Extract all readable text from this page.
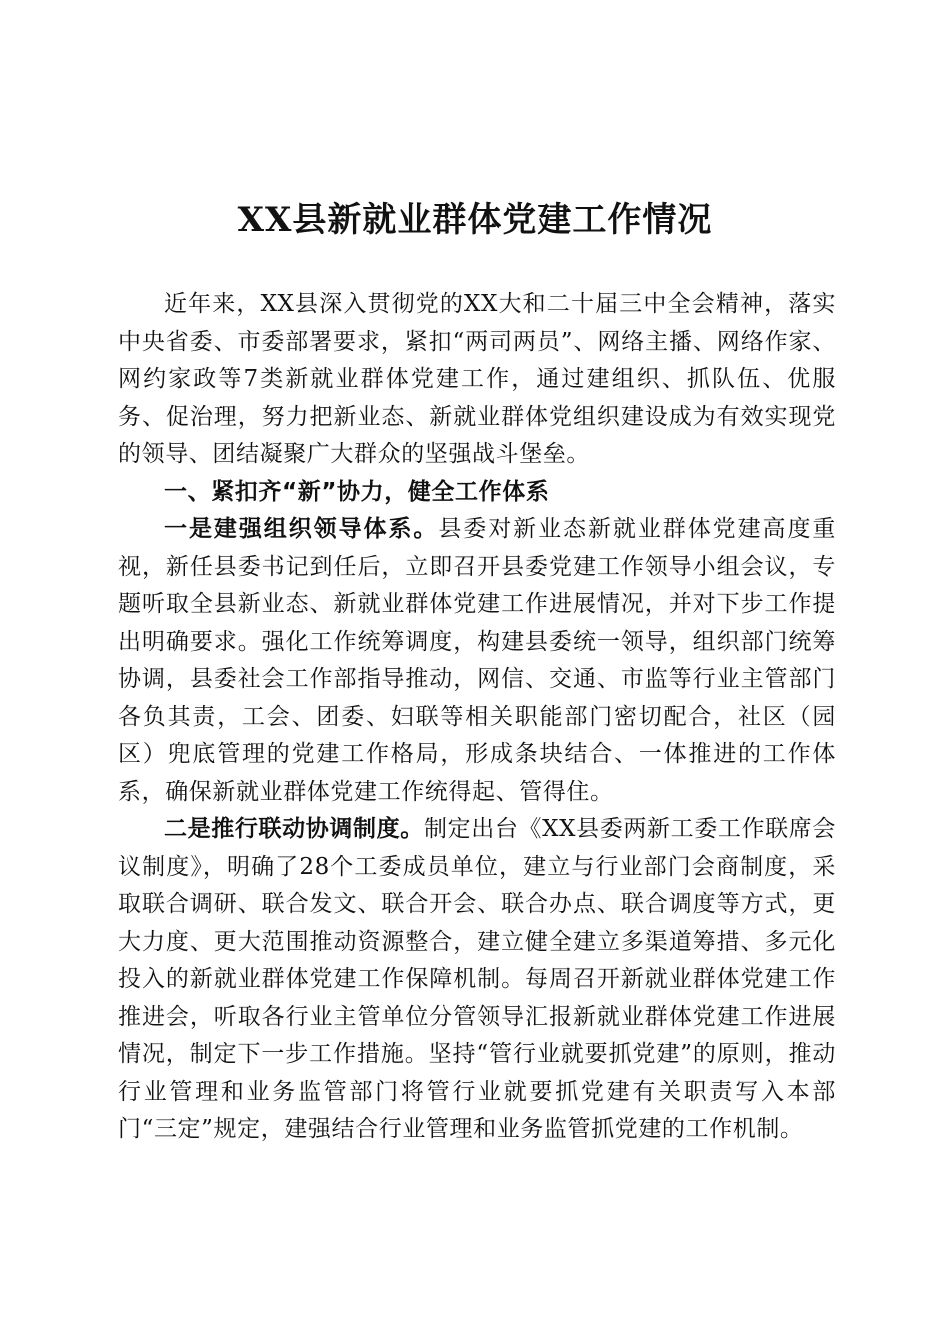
XX县新就业群体党建工作情况

近年来，XX县深入贯彻党的XX大和二十届三中全会精神，落实中央省委、市委部署要求，紧扣“两司两员”、网络主播、网络作家、网约家政等7类新就业群体党建工作，通过建组织、抓队伍、优服务、促治理，努力把新业态、新就业群体党组织建设成为有效实现党的领导、团结凝聚广大群众的坚强战斗堡垒。

一、紧扣齐“新”协力，健全工作体系

一是建强组织领导体系。县委对新业态新就业群体党建高度重视，新任县委书记到任后，立即召开县委党建工作领导小组会议，专题听取全县新业态、新就业群体党建工作进展情况，并对下步工作提出明确要求。强化工作统筹调度，构建县委统一领导，组织部门统筹协调，县委社会工作部指导推动，网信、交通、市监等行业主管部门各负其责，工会、团委、妇联等相关职能部门密切配合，社区（园区）兜底管理的党建工作格局，形成条块结合、一体推进的工作体系，确保新就业群体党建工作统得起、管得住。

二是推行联动协调制度。制定出台《XX县委两新工委工作联席会议制度》，明确了28个工委成员单位，建立与行业部门会商制度，采取联合调研、联合发文、联合开会、联合办点、联合调度等方式，更大力度、更大范围推动资源整合，建立健全建立多渠道筹措、多元化投入的新就业群体党建工作保障机制。每周召开新就业群体党建工作推进会，听取各行业主管单位分管领导汇报新就业群体党建工作进展情况，制定下一步工作措施。坚持“管行业就要抓党建”的原则，推动行业管理和业务监管部门将管行业就要抓党建有关职责写入本部门“三定”规定，建强结合行业管理和业务监管抓党建的工作机制。
